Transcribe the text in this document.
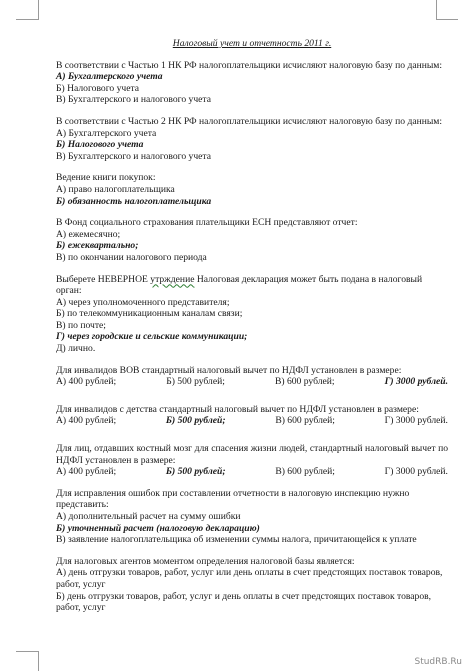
Налоговый учет и отчетность 2011 г.
В соответствии с Частью 1 НК РФ налогоплательщики исчисляют налоговую базу по данным:
А) Бухгалтерского учета
Б) Налогового учета
В) Бухгалтерского и налогового учета
В соответствии с Частью 2 НК РФ налогоплательщики исчисляют налоговую базу по данным:
А) Бухгалтерского учета
Б) Налогового учета
В) Бухгалтерского и налогового учета
Ведение книги покупок:
А) право налогоплательщика
Б) обязанность налогоплательщика
В Фонд социального страхования плательщики ЕСН представляют отчет:
А) ежемесячно;
Б) ежеквартально;
В) по окончании налогового периода
Выберете НЕВЕРНОЕ утрждение Налоговая декларация может быть подана в налоговый орган:
А) через уполномоченного представителя;
Б) по телекоммуникационным каналам связи;
В) по почте;
Г) через городские и сельские коммуникации;
Д) лично.
Для инвалидов ВОВ стандартный налоговый вычет по НДФЛ установлен в размере:
А) 400 рублей;	Б) 500 рублей;	В) 600 рублей;	Г) 3000 рублей.
Для инвалидов с детства стандартный налоговый вычет по НДФЛ установлен в размере:
А) 400 рублей;	Б) 500 рублей;	В) 600 рублей;	Г) 3000 рублей.
Для лиц, отдавших костный мозг для спасения жизни людей, стандартный налоговый вычет по НДФЛ установлен в размере:
А) 400 рублей;	Б) 500 рублей;	В) 600 рублей;	Г) 3000 рублей.
Для исправления ошибок при составлении отчетности в налоговую инспекцию нужно представить:
А) дополнительный расчет на сумму ошибки
Б) уточненный расчет (налоговую декларацию)
В) заявление налогоплательщика об изменении суммы налога, причитающейся к уплате
Для налоговых агентов моментом определения налоговой базы является:
А) день отгрузки товаров, работ, услуг или день оплаты в счет предстоящих поставок товаров, работ, услуг
Б) день отгрузки товаров, работ, услуг и день оплаты в счет предстоящих поставок товаров, работ, услуг
StudRB.Ru
